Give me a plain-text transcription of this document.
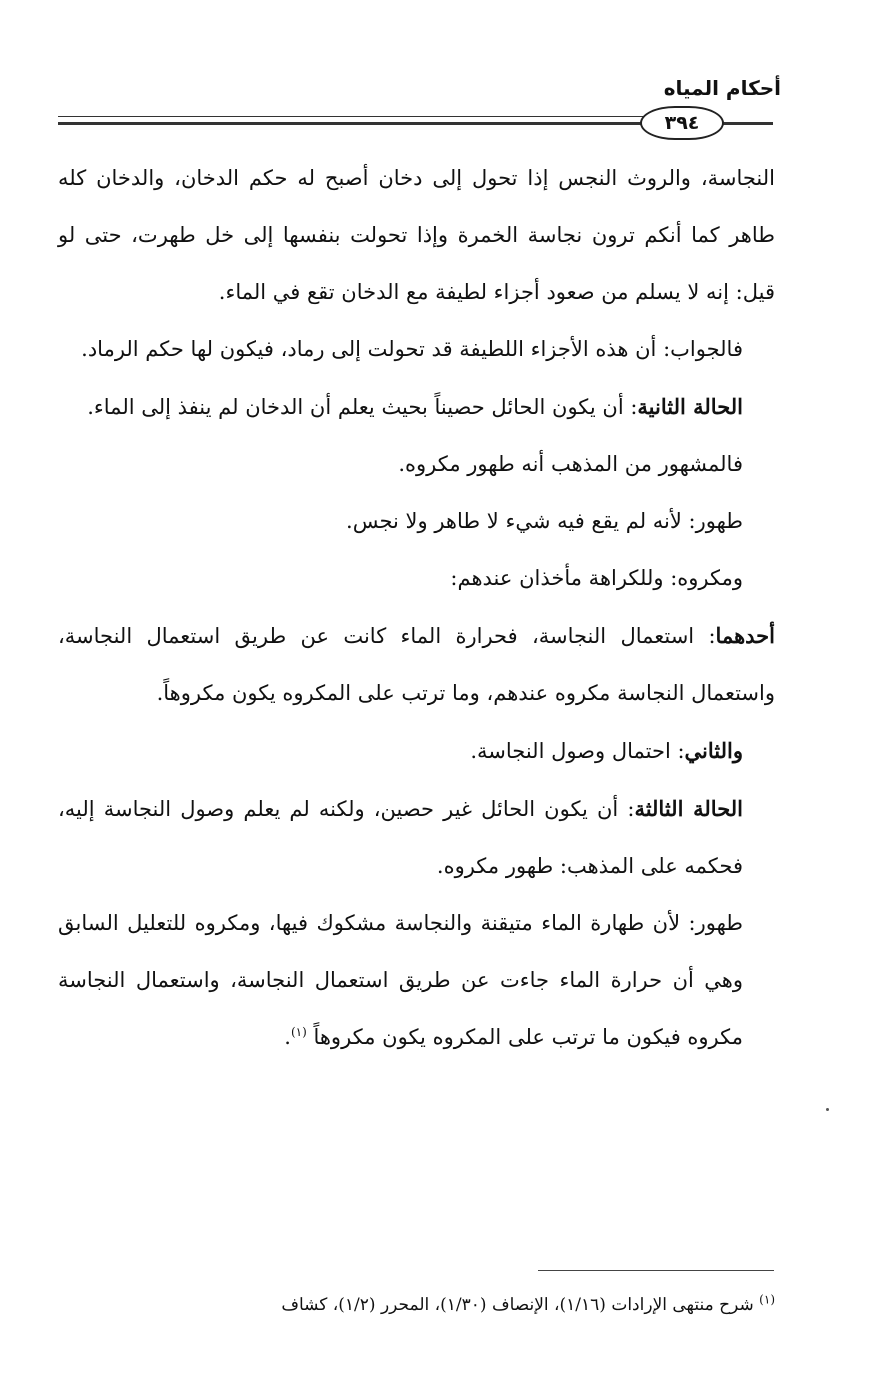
أحكام المياه
٣٩٤

النجاسة، والروث النجس إذا تحول إلى دخان أصبح له حكم الدخان، والدخان كله طاهر كما أنكم ترون نجاسة الخمرة وإذا تحولت بنفسها إلى خل طهرت، حتى لو قيل: إنه لا يسلم من صعود أجزاء لطيفة مع الدخان تقع في الماء.

فالجواب: أن هذه الأجزاء اللطيفة قد تحولت إلى رماد، فيكون لها حكم الرماد.

الحالة الثانية: أن يكون الحائل حصيناً بحيث يعلم أن الدخان لم ينفذ إلى الماء.

فالمشهور من المذهب أنه طهور مكروه.

طهور: لأنه لم يقع فيه شيء لا طاهر ولا نجس.

ومكروه: وللكراهة مأخذان عندهم:

أحدهما: استعمال النجاسة، فحرارة الماء كانت عن طريق استعمال النجاسة، واستعمال النجاسة مكروه عندهم، وما ترتب على المكروه يكون مكروهاً.

والثاني: احتمال وصول النجاسة.

الحالة الثالثة: أن يكون الحائل غير حصين، ولكنه لم يعلم وصول النجاسة إليه، فحكمه على المذهب: طهور مكروه.

طهور: لأن طهارة الماء متيقنة والنجاسة مشكوك فيها، ومكروه للتعليل السابق وهي أن حرارة الماء جاءت عن طريق استعمال النجاسة، واستعمال النجاسة مكروه فيكون ما ترتب على المكروه يكون مكروهاً $^{(١)}$.

$^{(١)}$ شرح منتهى الإرادات (١/١٦)، الإنصاف (١/٣٠)، المحرر (١/٢)، كشاف
